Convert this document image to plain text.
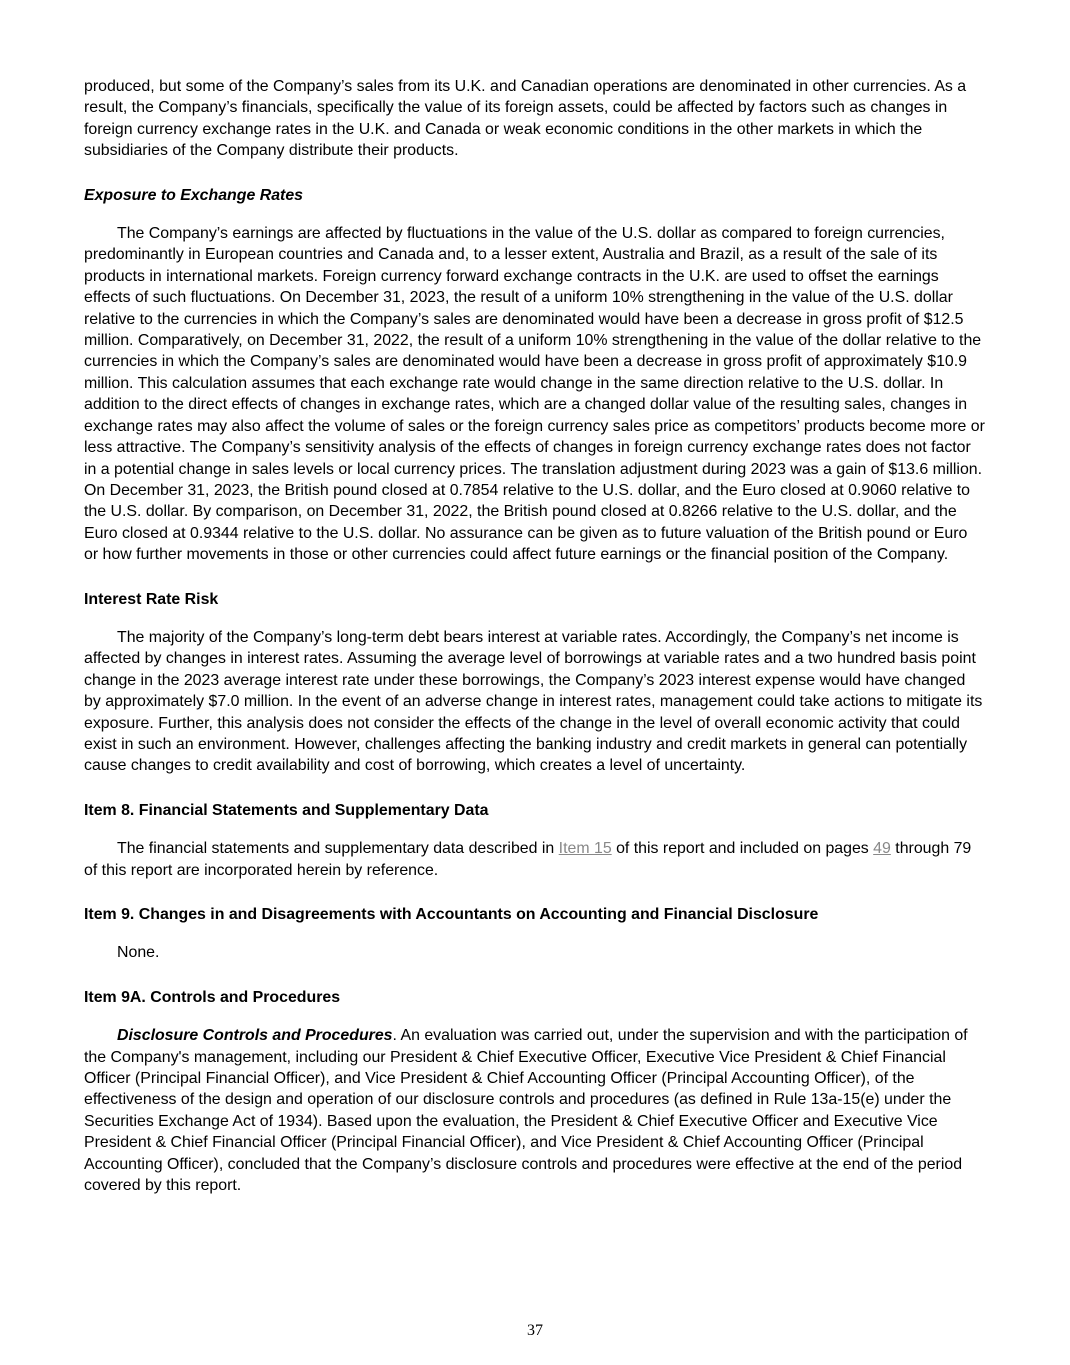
produced, but some of the Company’s sales from its U.K. and Canadian operations are denominated in other currencies. As a result, the Company’s financials, specifically the value of its foreign assets, could be affected by factors such as changes in foreign currency exchange rates in the U.K. and Canada or weak economic conditions in the other markets in which the subsidiaries of the Company distribute their products.

Exposure to Exchange Rates

The Company’s earnings are affected by fluctuations in the value of the U.S. dollar as compared to foreign currencies, predominantly in European countries and Canada and, to a lesser extent, Australia and Brazil, as a result of the sale of its products in international markets. Foreign currency forward exchange contracts in the U.K. are used to offset the earnings effects of such fluctuations. On December 31, 2023, the result of a uniform 10% strengthening in the value of the U.S. dollar relative to the currencies in which the Company’s sales are denominated would have been a decrease in gross profit of $12.5 million. Comparatively, on December 31, 2022, the result of a uniform 10% strengthening in the value of the dollar relative to the currencies in which the Company’s sales are denominated would have been a decrease in gross profit of approximately $10.9 million. This calculation assumes that each exchange rate would change in the same direction relative to the U.S. dollar. In addition to the direct effects of changes in exchange rates, which are a changed dollar value of the resulting sales, changes in exchange rates may also affect the volume of sales or the foreign currency sales price as competitors’ products become more or less attractive. The Company’s sensitivity analysis of the effects of changes in foreign currency exchange rates does not factor in a potential change in sales levels or local currency prices. The translation adjustment during 2023 was a gain of $13.6 million. On December 31, 2023, the British pound closed at 0.7854 relative to the U.S. dollar, and the Euro closed at 0.9060 relative to the U.S. dollar. By comparison, on December 31, 2022, the British pound closed at 0.8266 relative to the U.S. dollar, and the Euro closed at 0.9344 relative to the U.S. dollar. No assurance can be given as to future valuation of the British pound or Euro or how further movements in those or other currencies could affect future earnings or the financial position of the Company.

Interest Rate Risk

The majority of the Company’s long-term debt bears interest at variable rates. Accordingly, the Company’s net income is affected by changes in interest rates. Assuming the average level of borrowings at variable rates and a two hundred basis point change in the 2023 average interest rate under these borrowings, the Company’s 2023 interest expense would have changed by approximately $7.0 million. In the event of an adverse change in interest rates, management could take actions to mitigate its exposure. Further, this analysis does not consider the effects of the change in the level of overall economic activity that could exist in such an environment. However, challenges affecting the banking industry and credit markets in general can potentially cause changes to credit availability and cost of borrowing, which creates a level of uncertainty.

Item 8. Financial Statements and Supplementary Data

The financial statements and supplementary data described in Item 15 of this report and included on pages 49 through 79 of this report are incorporated herein by reference.

Item 9. Changes in and Disagreements with Accountants on Accounting and Financial Disclosure

None.

Item 9A. Controls and Procedures

Disclosure Controls and Procedures. An evaluation was carried out, under the supervision and with the participation of the Company's management, including our President & Chief Executive Officer, Executive Vice President & Chief Financial Officer (Principal Financial Officer), and Vice President & Chief Accounting Officer (Principal Accounting Officer), of the effectiveness of the design and operation of our disclosure controls and procedures (as defined in Rule 13a-15(e) under the Securities Exchange Act of 1934). Based upon the evaluation, the President & Chief Executive Officer and Executive Vice President & Chief Financial Officer (Principal Financial Officer), and Vice President & Chief Accounting Officer (Principal Accounting Officer), concluded that the Company’s disclosure controls and procedures were effective at the end of the period covered by this report.

37
